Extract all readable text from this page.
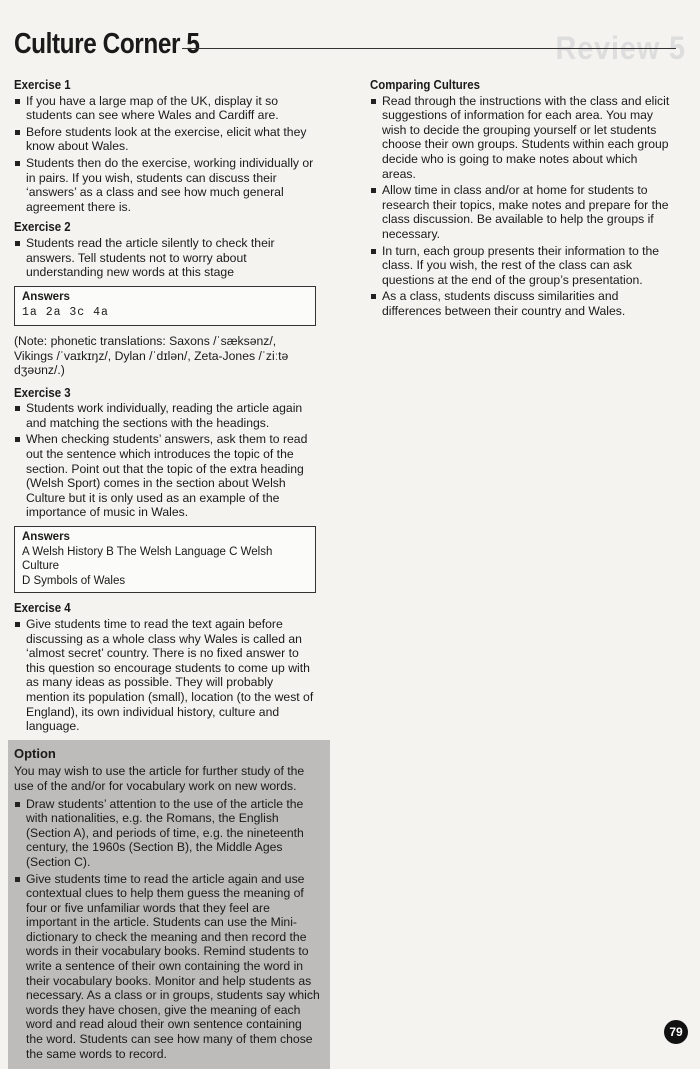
Review 5
Culture Corner 5
Exercise 1
If you have a large map of the UK, display it so students can see where Wales and Cardiff are.
Before students look at the exercise, elicit what they know about Wales.
Students then do the exercise, working individually or in pairs. If you wish, students can discuss their ‘answers’ as a class and see how much general agreement there is.
Exercise 2
Students read the article silently to check their answers. Tell students not to worry about understanding new words at this stage
Answers
1a 2a 3c 4a

(Note: phonetic translations: Saxons /ˈsæksənz/, Vikings /ˈvaɪkɪŋz/, Dylan /ˈdɪlən/, Zeta-Jones /ˈziːtə dʒəʊnz/.)

Exercise 3
Students work individually, reading the article again and matching the sections with the headings.
When checking students’ answers, ask them to read out the sentence which introduces the topic of the section. Point out that the topic of the extra heading (Welsh Sport) comes in the section about Welsh Culture but it is only used as an example of the importance of music in Wales.
Answers
A Welsh History B The Welsh Language C Welsh Culture
D Symbols of Wales
Exercise 4
Give students time to read the text again before discussing as a whole class why Wales is called an ‘almost secret’ country. There is no fixed answer to this question so encourage students to come up with as many ideas as possible. They will probably mention its population (small), location (to the west of England), its own individual history, culture and language.
Option

You may wish to use the article for further study of the use of the and/or for vocabulary work on new words.

Draw students’ attention to the use of the article the with nationalities, e.g. the Romans, the English (Section A), and periods of time, e.g. the nineteenth century, the 1960s (Section B), the Middle Ages (Section C).
Give students time to read the article again and use contextual clues to help them guess the meaning of four or five unfamiliar words that they feel are important in the article. Students can use the Mini-dictionary to check the meaning and then record the words in their vocabulary books. Remind students to write a sentence of their own containing the word in their vocabulary books. Monitor and help students as necessary. As a class or in groups, students say which words they have chosen, give the meaning of each word and read aloud their own sentence containing the word. Students can see how many of them chose the same words to record.
Comparing Cultures
Read through the instructions with the class and elicit suggestions of information for each area. You may wish to decide the grouping yourself or let students choose their own groups. Students within each group decide who is going to make notes about which areas.
Allow time in class and/or at home for students to research their topics, make notes and prepare for the class discussion. Be available to help the groups if necessary.
In turn, each group presents their information to the class. If you wish, the rest of the class can ask questions at the end of the group’s presentation.
As a class, students discuss similarities and differences between their country and Wales.
79
